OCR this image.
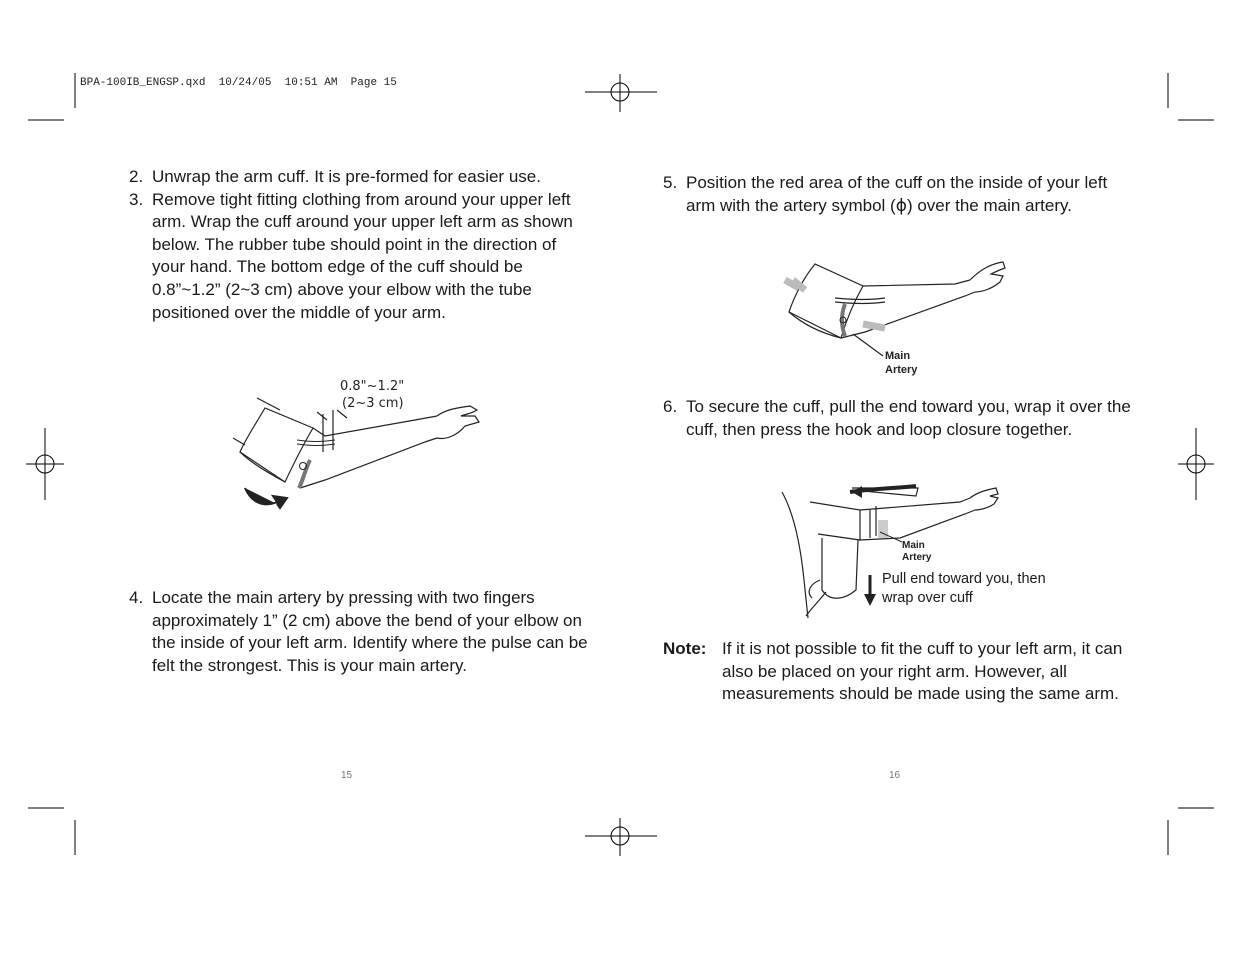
BPA-100IB_ENGSP.qxd  10/24/05  10:51 AM  Page 15
2. Unwrap the arm cuff. It is pre-formed for easier use.
3. Remove tight fitting clothing from around your upper left arm. Wrap the cuff around your upper left arm as shown below. The rubber tube should point in the direction of your hand. The bottom edge of the cuff should be 0.8”~1.2” (2~3 cm) above your elbow with the tube positioned over the middle of your arm.
0.8"~1.2"
(2~3 cm)
4. Locate the main artery by pressing with two fingers approximately 1” (2 cm) above the bend of your elbow on the inside of your left arm. Identify where the pulse can be felt the strongest. This is your main artery.
15
5. Position the red area of the cuff on the inside of your left arm with the artery symbol (ϕ) over the main artery.
Main
Artery
6. To secure the cuff, pull the end toward you, wrap it over the cuff, then press the hook and loop closure together.
Main
Artery
Pull end toward you, then
wrap over cuff
Note: If it is not possible to fit the cuff to your left arm, it can also be placed on your right arm. However, all measurements should be made using the same arm.
16
